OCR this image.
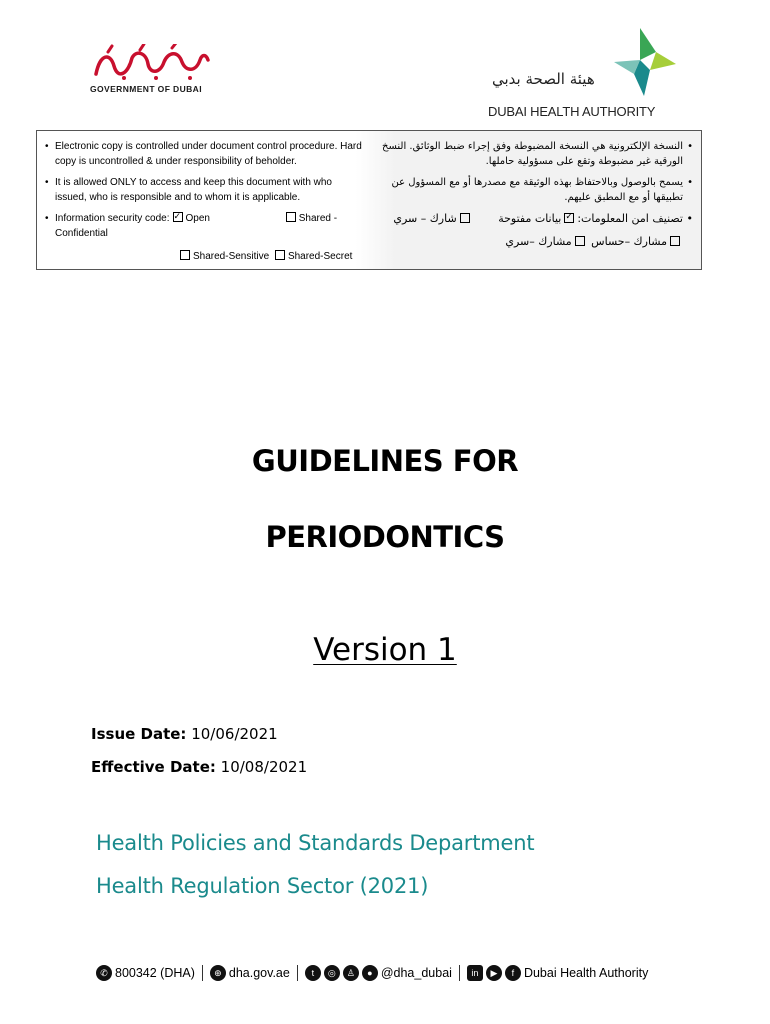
GOVERNMENT OF DUBAI
هيئة الصحة بدبي
DUBAI HEALTH AUTHORITY
• Electronic copy is controlled under document control procedure. Hard copy is uncontrolled & under responsibility of beholder.
• It is allowed ONLY to access and keep this document with who issued, who is responsible and to whom it is applicable.
• Information security code:✓ Open	Shared - Confidential
Shared-Sensitive Shared-Secret
• النسخة الإلكترونية هي النسخة المضبوطة وفق إجراء ضبط الوثائق. النسخ الورقية غير مضبوطة وتقع على مسؤولية حاملها.
• يسمح بالوصول وبالاحتفاظ بهذه الوثيقة مع مصدرها أو مع المسؤول عن تطبيقها أو مع المطبق عليهم.
• تصنيف امن المعلومات:✓بيانات مفتوحة شارك – سري
مشارك –حساس مشارك –سري
GUIDELINES FOR
PERIODONTICS
Version 1
Issue Date: 10/06/2021
Effective Date: 10/08/2021
Health Policies and Standards Department
Health Regulation Sector (2021)
✆ 800342 (DHA)	⊕ dha.gov.ae	t	◎	♙	● @dha_dubai	in	▶	f Dubai Health Authority
